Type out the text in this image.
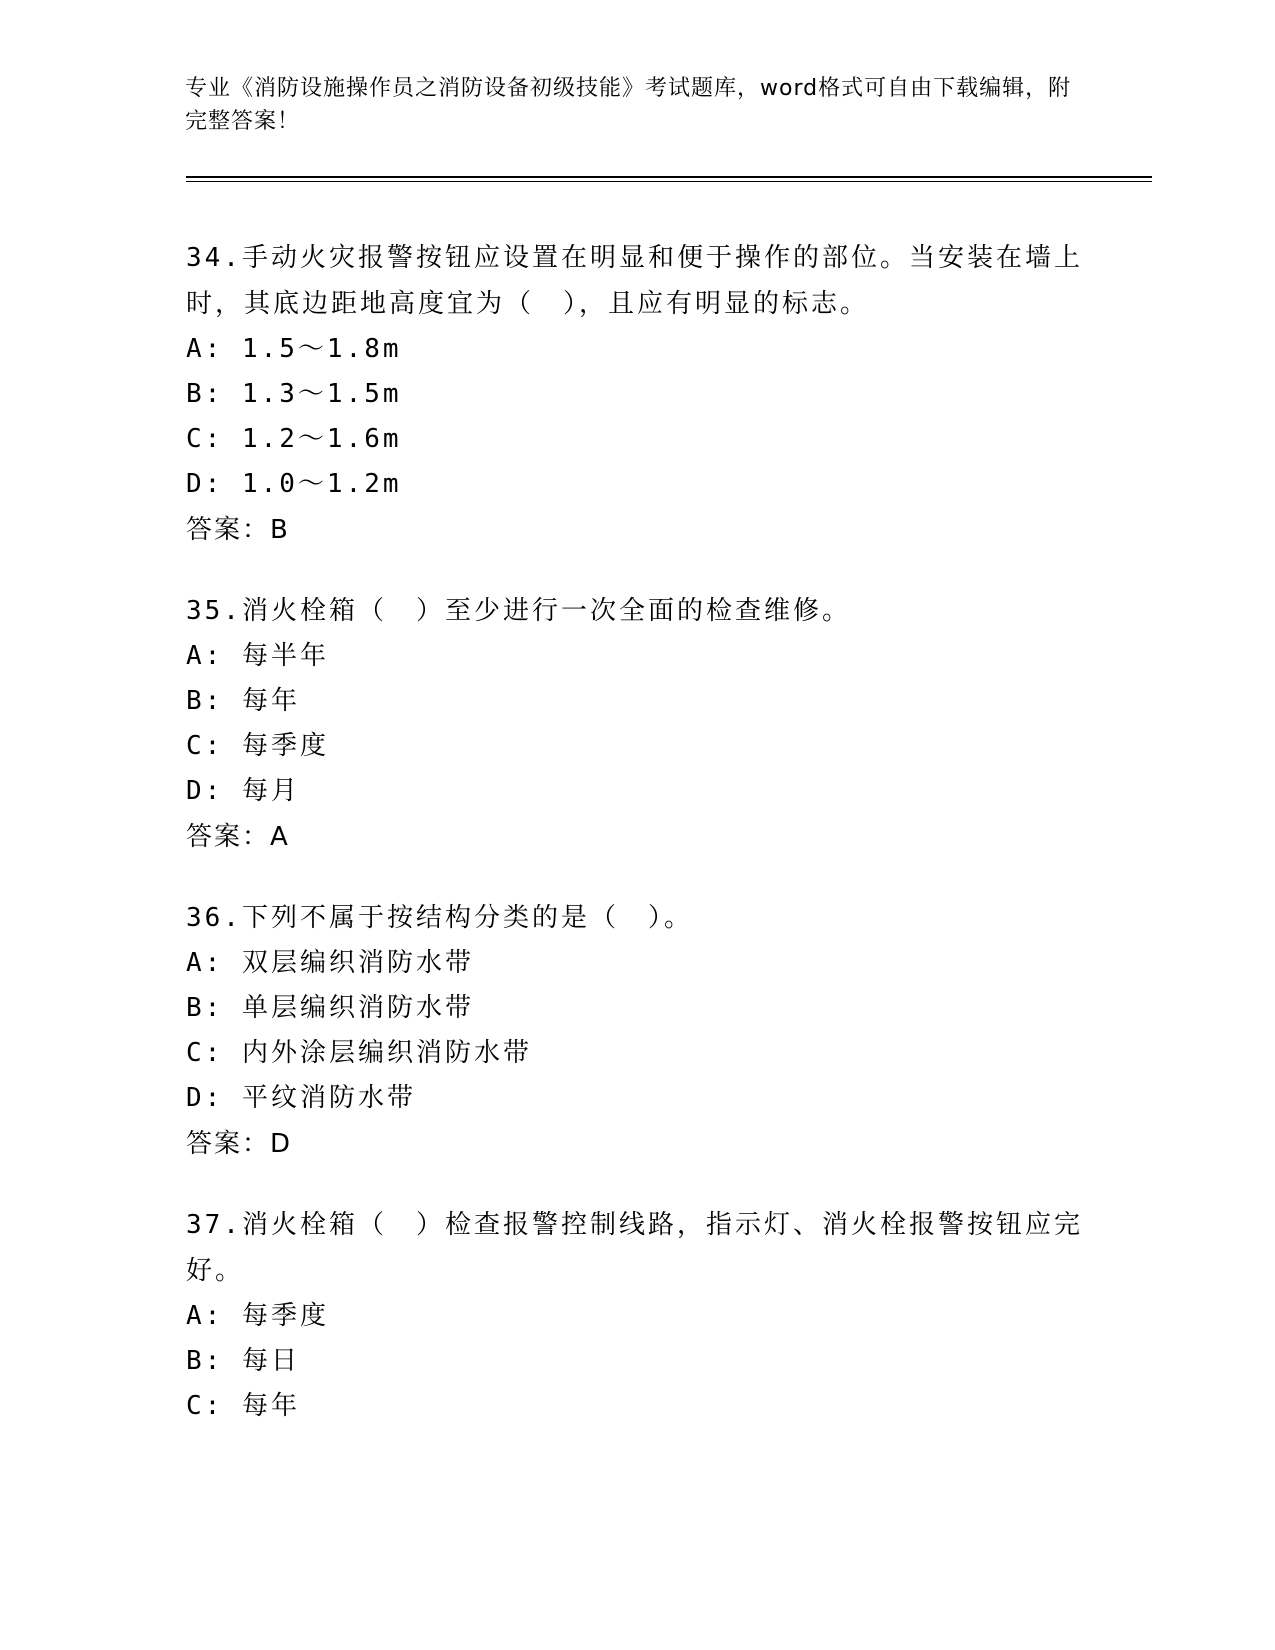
专业《消防设施操作员之消防设备初级技能》考试题库，word格式可自由下载编辑，附完整答案！
34.手动火灾报警按钮应设置在明显和便于操作的部位。当安装在墙上时，其底边距地高度宜为（　），且应有明显的标志。
A: 1.5～1.8m
B: 1.3～1.5m
C: 1.2～1.6m
D: 1.0～1.2m
答案：B
35.消火栓箱（　）至少进行一次全面的检查维修。
A: 每半年
B: 每年
C: 每季度
D: 每月
答案：A
36.下列不属于按结构分类的是（　）。
A: 双层编织消防水带
B: 单层编织消防水带
C: 内外涂层编织消防水带
D: 平纹消防水带
答案：D
37.消火栓箱（　）检查报警控制线路，指示灯、消火栓报警按钮应完好。
A: 每季度
B: 每日
C: 每年
